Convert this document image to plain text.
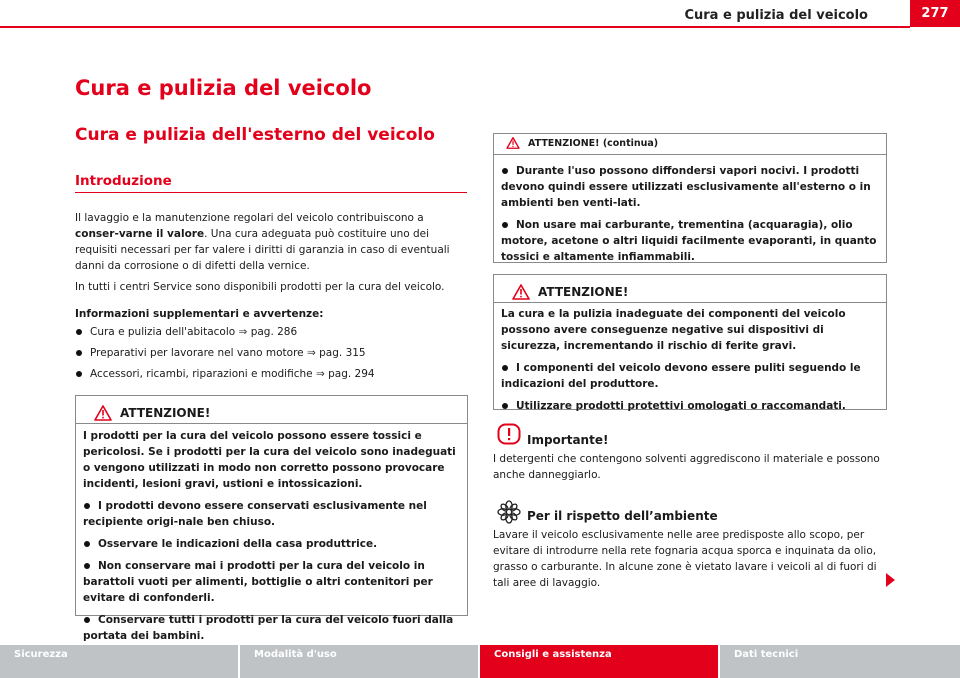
Cura e pulizia del veicolo	277
Cura e pulizia del veicolo
Cura e pulizia dell'esterno del veicolo
Introduzione
Il lavaggio e la manutenzione regolari del veicolo contribuiscono a conser-varne il valore. Una cura adeguata può costituire uno dei requisiti necessari per far valere i diritti di garanzia in caso di eventuali danni da corrosione o di difetti della vernice.
In tutti i centri Service sono disponibili prodotti per la cura del veicolo.
Informazioni supplementari e avvertenze:
Cura e pulizia dell'abitacolo ⇒ pag. 286
Preparativi per lavorare nel vano motore ⇒ pag. 315
Accessori, ricambi, riparazioni e modifiche ⇒ pag. 294
ATTENZIONE!

I prodotti per la cura del veicolo possono essere tossici e pericolosi. Se i prodotti per la cura del veicolo sono inadeguati o vengono utilizzati in modo non corretto possono provocare incidenti, lesioni gravi, ustioni e intossicazioni.

I prodotti devono essere conservati esclusivamente nel recipiente origi-nale ben chiuso.

Osservare le indicazioni della casa produttrice.

Non conservare mai i prodotti per la cura del veicolo in barattoli vuoti per alimenti, bottiglie o altri contenitori per evitare di confonderli.

Conservare tutti i prodotti per la cura del veicolo fuori dalla portata dei bambini.

ATTENZIONE! (continua)

Durante l'uso possono diffondersi vapori nocivi. I prodotti devono quindi essere utilizzati esclusivamente all'esterno o in ambienti ben venti-lati.

Non usare mai carburante, trementina (acquaragia), olio motore, acetone o altri liquidi facilmente evaporanti, in quanto tossici e altamente infiammabili.

ATTENZIONE!

La cura e la pulizia inadeguate dei componenti del veicolo possono avere conseguenze negative sui dispositivi di sicurezza, incrementando il rischio di ferite gravi.

I componenti del veicolo devono essere puliti seguendo le indicazioni del produttore.

Utilizzare prodotti protettivi omologati o raccomandati.

Importante!
I detergenti che contengono solventi aggrediscono il materiale e possono anche danneggiarlo.
Per il rispetto dell’ambiente
Lavare il veicolo esclusivamente nelle aree predisposte allo scopo, per evitare di introdurre nella rete fognaria acqua sporca e inquinata da olio, grasso o carburante. In alcune zone è vietato lavare i veicoli al di fuori di tali aree di lavaggio.
Sicurezza	Modalità d'uso	Consigli e assistenza	Dati tecnici
